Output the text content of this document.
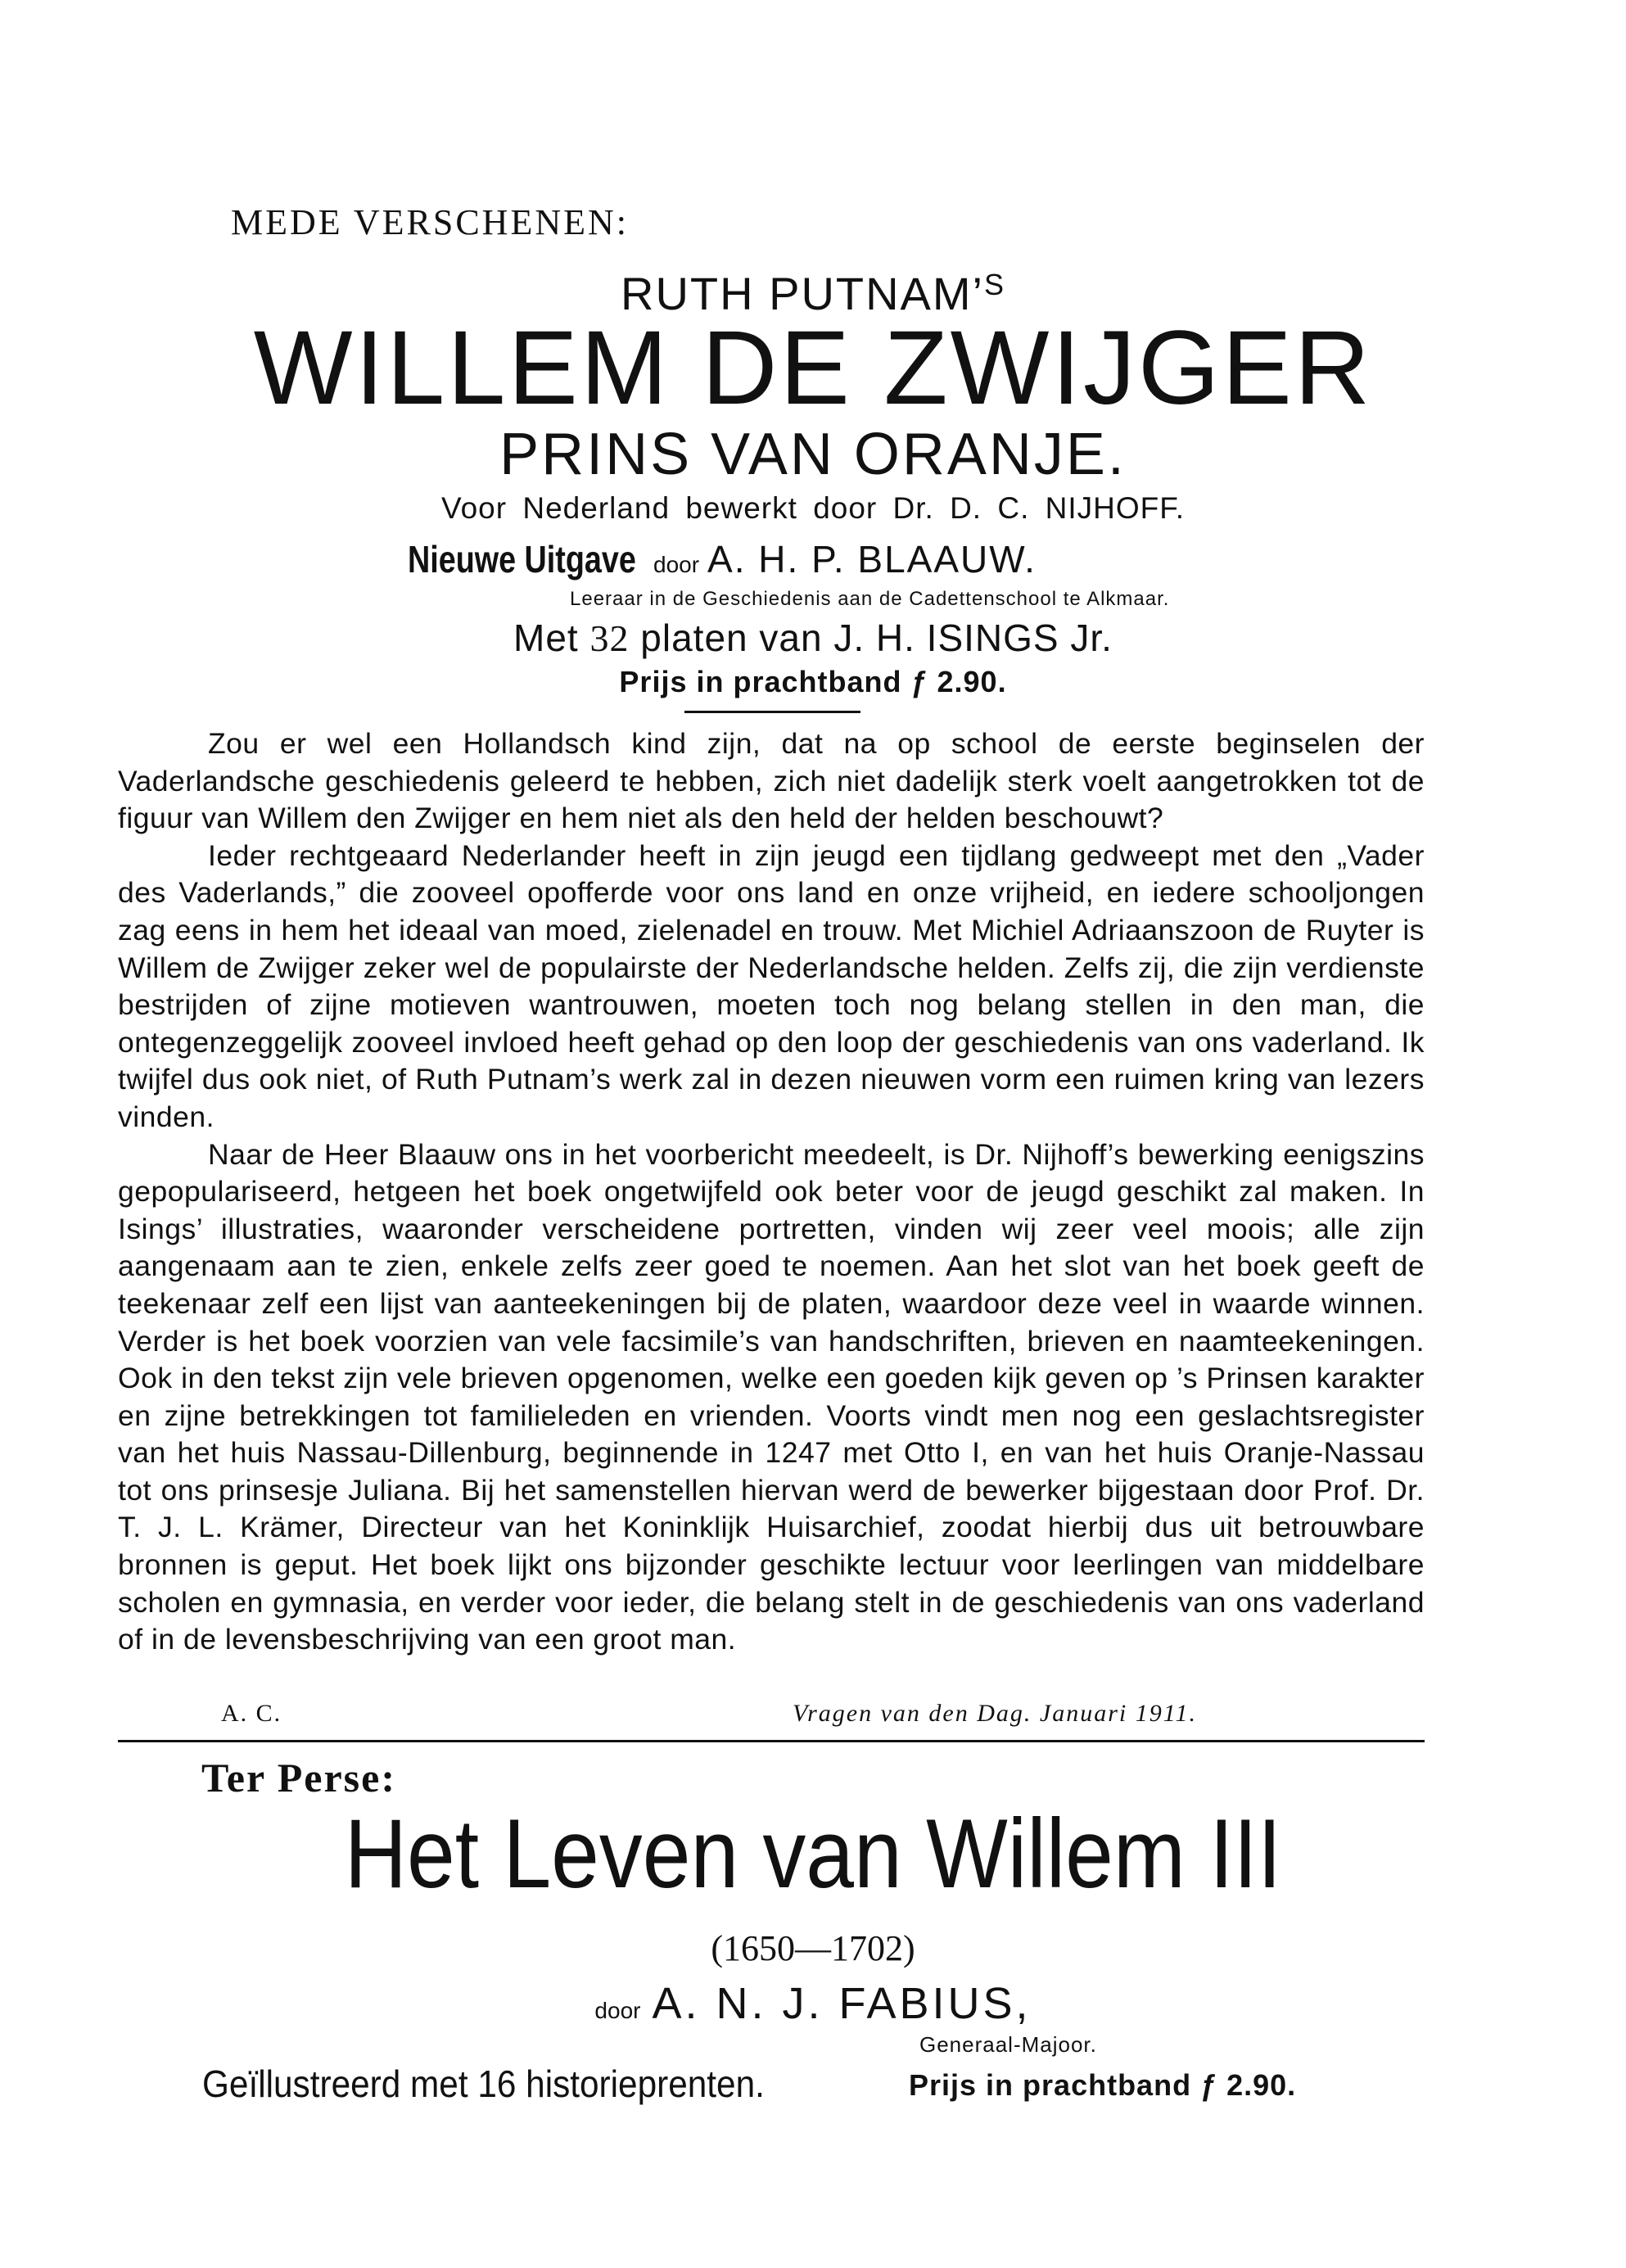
MEDE VERSCHENEN:
RUTH PUTNAM’$^S$
WILLEM DE ZWIJGER
PRINS VAN ORANJE.
Voor Nederland bewerkt door Dr. D. C. NIJHOFF.
Nieuwe Uitgave door A. H. P. BLAAUW.
Leeraar in de Geschiedenis aan de Cadettenschool te Alkmaar.
Met 32 platen van J. H. ISINGS Jr.
Prijs in prachtband ƒ 2.90.

Zou er wel een Hollandsch kind zijn, dat na op school de eerste beginselen der Vaderlandsche geschiedenis geleerd te hebben, zich niet dadelijk sterk voelt aangetrokken tot de figuur van Willem den Zwijger en hem niet als den held der helden beschouwt?

Ieder rechtgeaard Nederlander heeft in zijn jeugd een tijdlang gedweept met den „Vader des Vaderlands,” die zooveel opofferde voor ons land en onze vrijheid, en iedere schooljongen zag eens in hem het ideaal van moed, zielenadel en trouw. Met Michiel Adriaanszoon de Ruyter is Willem de Zwijger zeker wel de populairste der Nederlandsche helden. Zelfs zij, die zijn verdienste bestrijden of zijne motieven wantrouwen, moeten toch nog belang stellen in den man, die ontegenzeggelijk zooveel invloed heeft gehad op den loop der geschiedenis van ons vaderland. Ik twijfel dus ook niet, of Ruth Putnam’s werk zal in dezen nieuwen vorm een ruimen kring van lezers vinden.

Naar de Heer Blaauw ons in het voorbericht meedeelt, is Dr. Nijhoff’s bewerking eenigszins gepopulariseerd, hetgeen het boek ongetwijfeld ook beter voor de jeugd geschikt zal maken. In Isings’ illustraties, waaronder verscheidene portretten, vinden wij zeer veel moois; alle zijn aangenaam aan te zien, enkele zelfs zeer goed te noemen. Aan het slot van het boek geeft de teekenaar zelf een lijst van aanteekeningen bij de platen, waardoor deze veel in waarde winnen. Verder is het boek voorzien van vele facsimile’s van handschriften, brieven en naamteekeningen. Ook in den tekst zijn vele brieven opgenomen, welke een goeden kijk geven op ’s Prinsen karakter en zijne betrekkingen tot familieleden en vrienden. Voorts vindt men nog een geslachtsregister van het huis Nassau-Dillenburg, beginnende in 1247 met Otto I, en van het huis Oranje-Nassau tot ons prinsesje Juliana. Bij het samenstellen hiervan werd de bewerker bijgestaan door Prof. Dr. T. J. L. Krämer, Directeur van het Koninklijk Huisarchief, zoodat hierbij dus uit betrouwbare bronnen is geput. Het boek lijkt ons bijzonder geschikte lectuur voor leerlingen van middelbare scholen en gymnasia, en verder voor ieder, die belang stelt in de geschiedenis van ons vaderland of in de levensbeschrijving van een groot man.

A. C.	Vragen van den Dag. Januari 1911.
Ter Perse:
Het Leven van Willem III
(1650—1702)
door A. N. J. FABIUS,
Generaal-Majoor.
Geïllustreerd met 16 historieprenten.	Prijs in prachtband ƒ 2.90.
